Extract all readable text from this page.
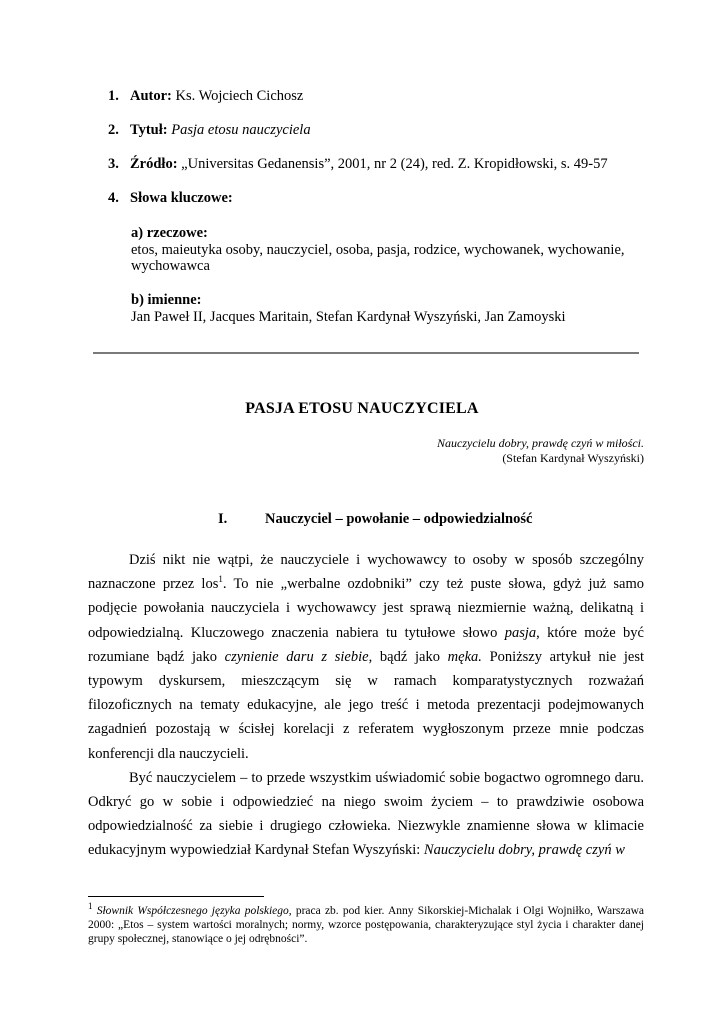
1. Autor: Ks. Wojciech Cichosz
2. Tytuł: Pasja etosu nauczyciela
3. Źródło: „Universitas Gedanensis”, 2001, nr 2 (24), red. Z. Kropidłowski, s. 49-57
4. Słowa kluczowe:
a) rzeczowe:
etos, maieutyka osoby, nauczyciel, osoba, pasja, rodzice, wychowanek, wychowanie, wychowawca
b) imienne:
Jan Paweł II, Jacques Maritain, Stefan Kardynał Wyszyński, Jan Zamoyski
PASJA ETOSU NAUCZYCIELA
Nauczycielu dobry, prawdę czyń w miłości.
(Stefan Kardynał Wyszyński)
I.	Nauczyciel – powołanie – odpowiedzialność

Dziś nikt nie wątpi, że nauczyciele i wychowawcy to osoby w sposób szczególny naznaczone przez los$^1$. To nie „werbalne ozdobniki” czy też puste słowa, gdyż już samo podjęcie powołania nauczyciela i wychowawcy jest sprawą niezmiernie ważną, delikatną i odpowiedzialną. Kluczowego znaczenia nabiera tu tytułowe słowo pasja, które może być rozumiane bądź jako czynienie daru z siebie, bądź jako męka. Poniższy artykuł nie jest typowym dyskursem, mieszczącym się w ramach komparatystycznych rozważań filozoficznych na tematy edukacyjne, ale jego treść i metoda prezentacji podejmowanych zagadnień pozostają w ścisłej korelacji z referatem wygłoszonym przeze mnie podczas konferencji dla nauczycieli.

Być nauczycielem – to przede wszystkim uświadomić sobie bogactwo ogromnego daru. Odkryć go w sobie i odpowiedzieć na niego swoim życiem – to prawdziwie osobowa odpowiedzialność za siebie i drugiego człowieka. Niezwykle znamienne słowa w klimacie edukacyjnym wypowiedział Kardynał Stefan Wyszyński: Nauczycielu dobry, prawdę czyń w

$^1$ Słownik Współczesnego języka polskiego, praca zb. pod kier. Anny Sikorskiej-Michalak i Olgi Wojniłko, Warszawa 2000: „Etos – system wartości moralnych; normy, wzorce postępowania, charakteryzujące styl życia i charakter danej grupy społecznej, stanowiące o jej odrębności”.
